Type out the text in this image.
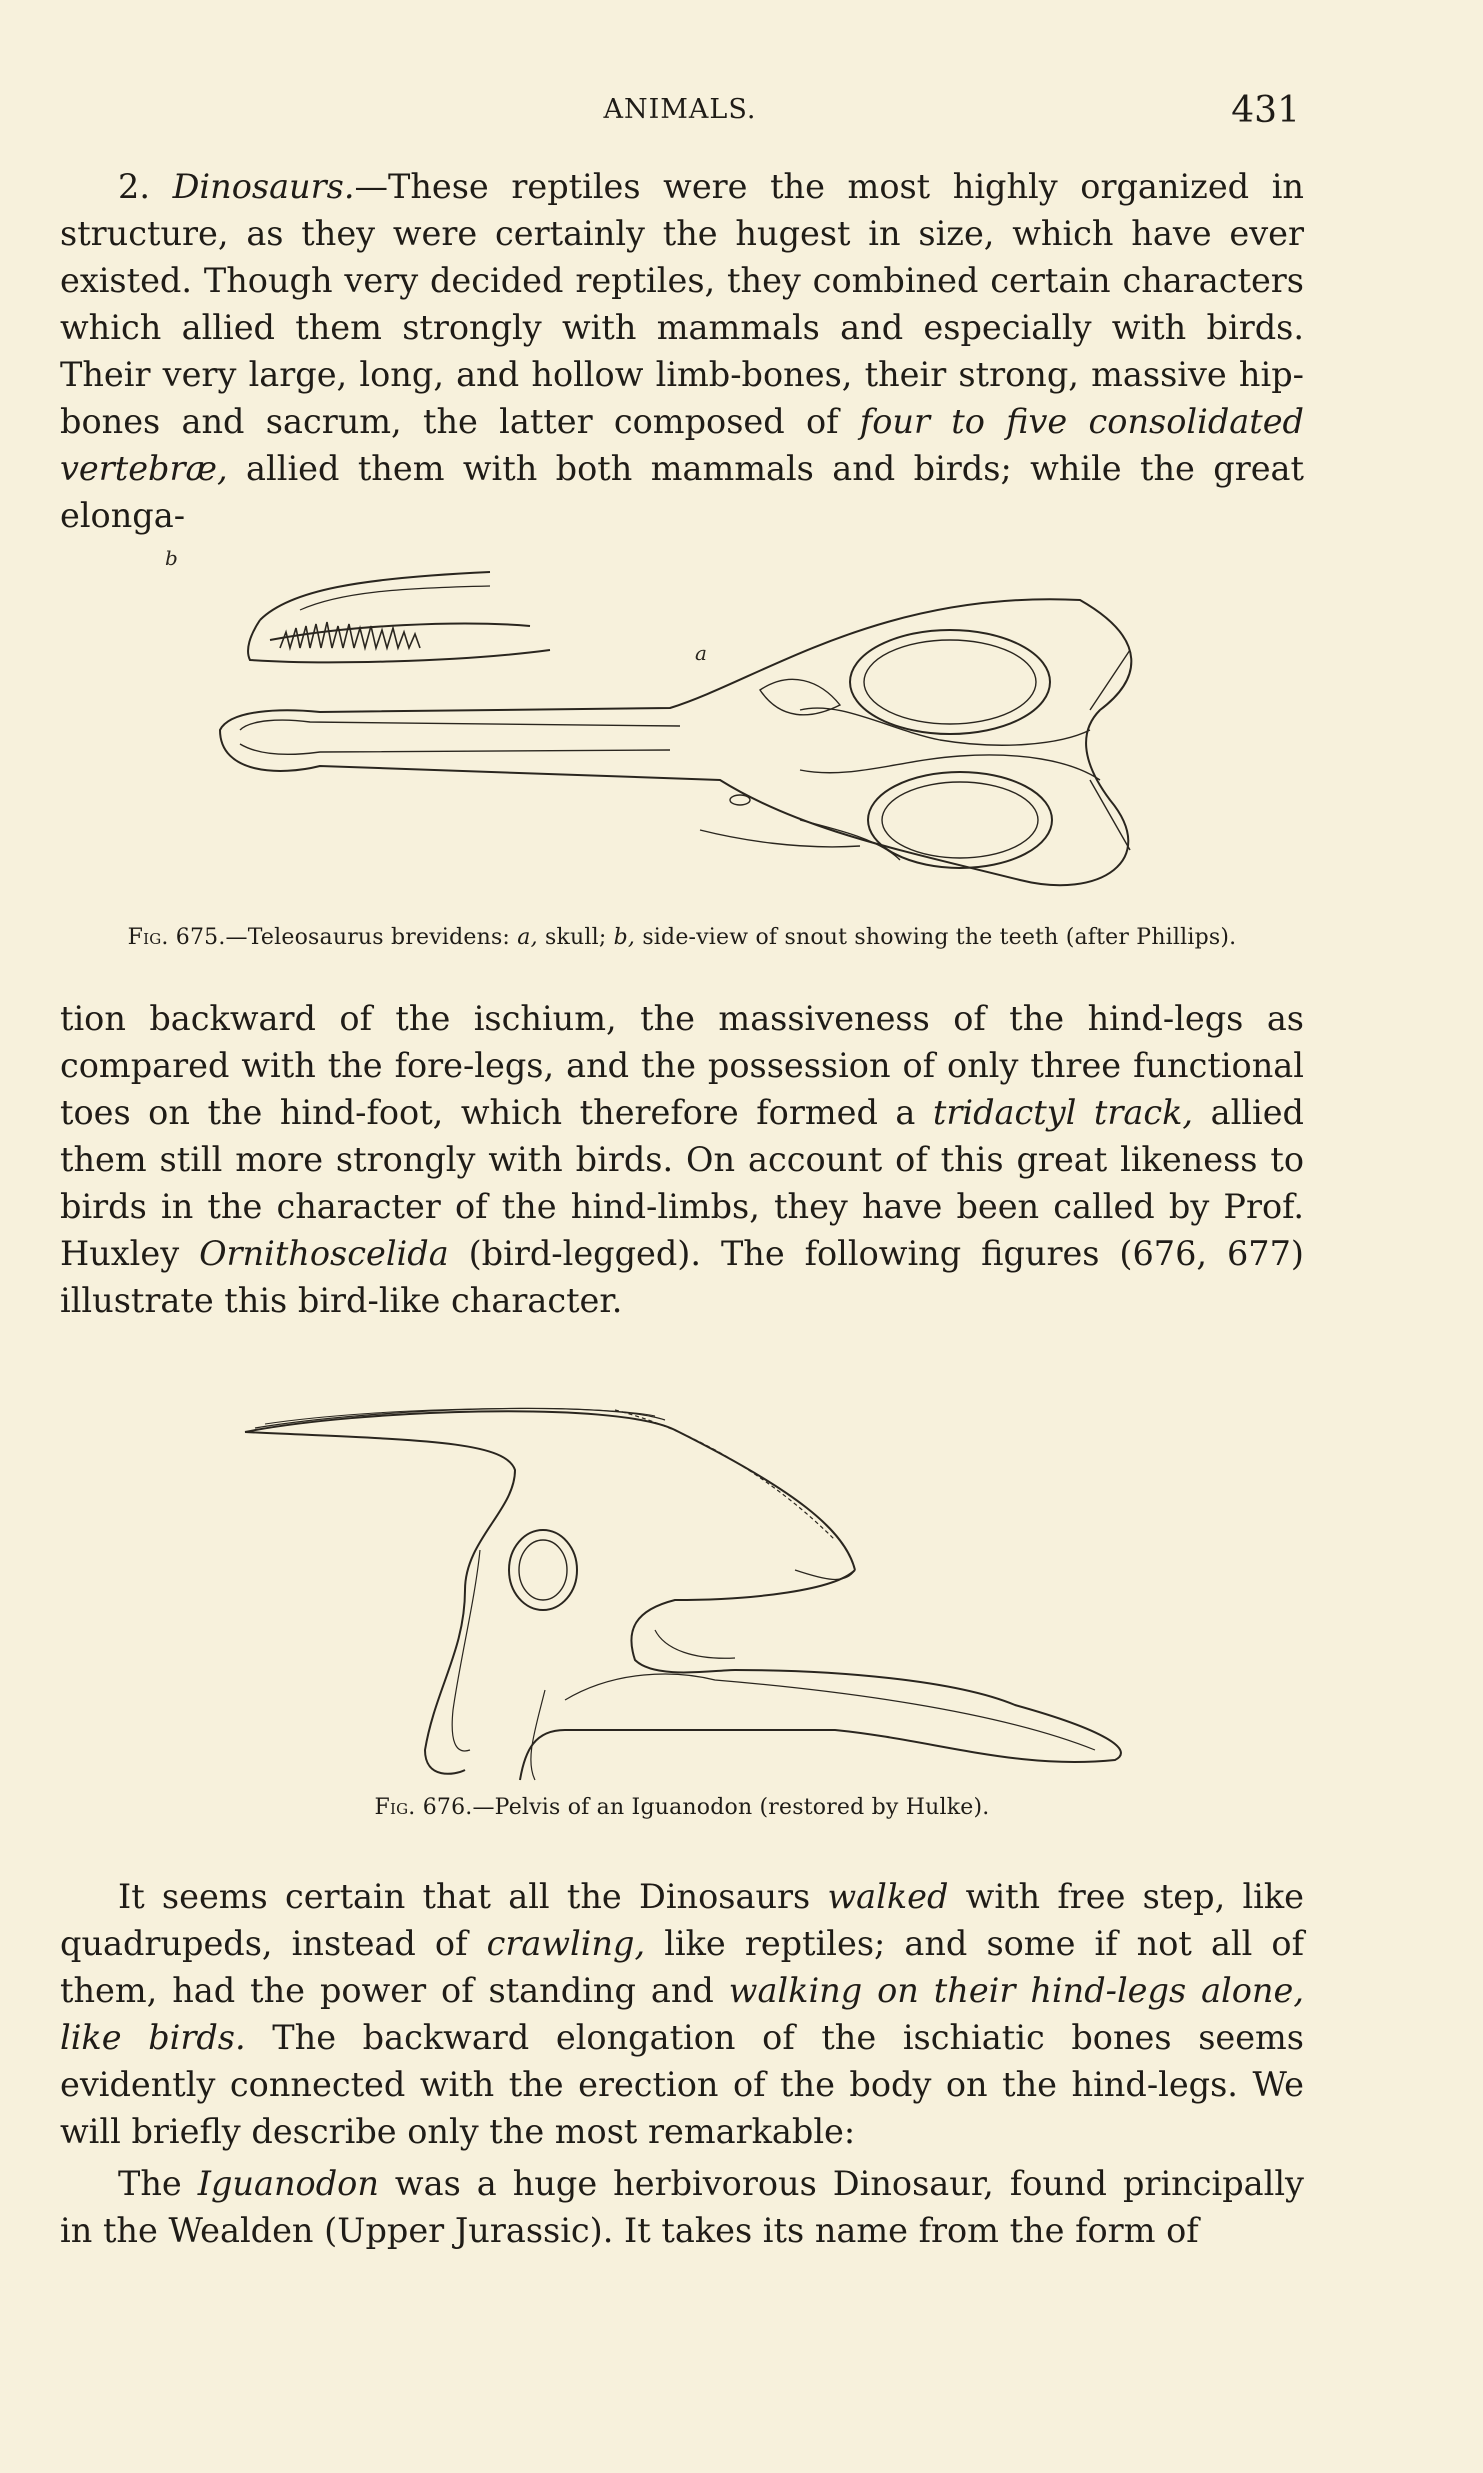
ANIMALS.	431

2. Dinosaurs.—These reptiles were the most highly organized in structure, as they were certainly the hugest in size, which have ever existed. Though very decided reptiles, they combined certain characters which allied them strongly with mammals and especially with birds. Their very large, long, and hollow limb-bones, their strong, massive hip-bones and sacrum, the latter composed of four to five consolidated vertebræ, allied them with both mammals and birds; while the great elonga-

b
a
Fig. 675.—Teleosaurus brevidens: a, skull; b, side-view of snout showing the teeth (after Phillips).

tion backward of the ischium, the massiveness of the hind-legs as compared with the fore-legs, and the possession of only three functional toes on the hind-foot, which therefore formed a tridactyl track, allied them still more strongly with birds. On account of this great likeness to birds in the character of the hind-limbs, they have been called by Prof. Huxley Ornithoscelida (bird-legged). The following figures (676, 677) illustrate this bird-like character.

Fig. 676.—Pelvis of an Iguanodon (restored by Hulke).

It seems certain that all the Dinosaurs walked with free step, like quadrupeds, instead of crawling, like reptiles; and some if not all of them, had the power of standing and walking on their hind-legs alone, like birds. The backward elongation of the ischiatic bones seems evidently connected with the erection of the body on the hind-legs. We will briefly describe only the most remarkable:

The Iguanodon was a huge herbivorous Dinosaur, found principally in the Wealden (Upper Jurassic). It takes its name from the form of
